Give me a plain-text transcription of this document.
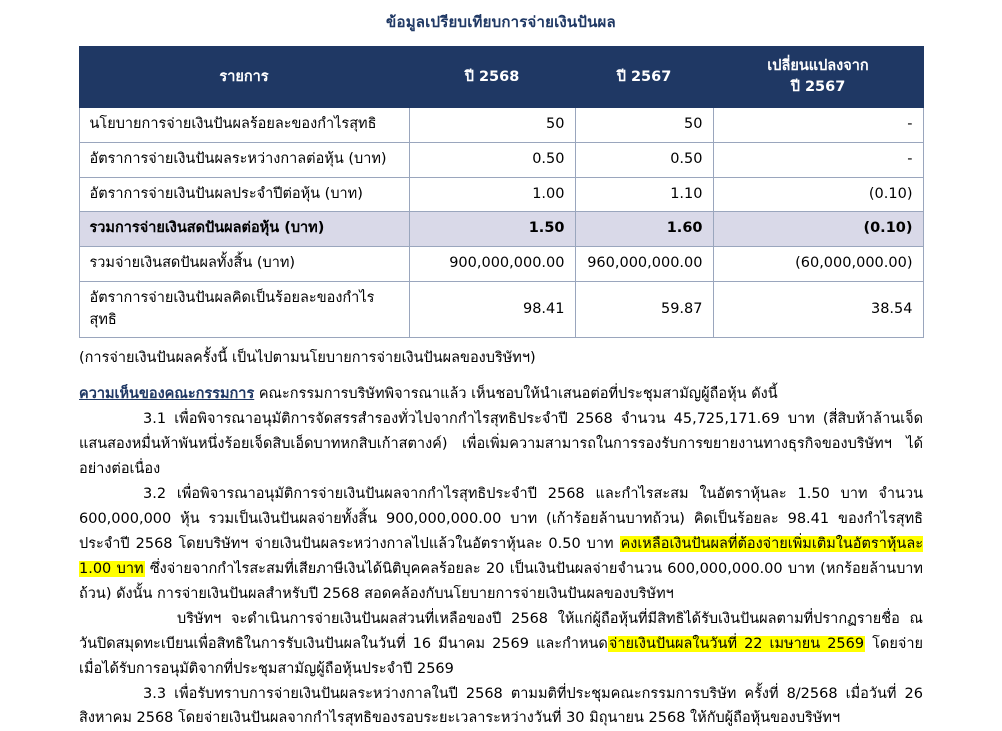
ข้อมูลเปรียบเทียบการจ่ายเงินปันผล
รายการ	ปี 2568	ปี 2567	เปลี่ยนแปลงจาก
ปี 2567
นโยบายการจ่ายเงินปันผลร้อยละของกำไรสุทธิ	50	50	-
อัตราการจ่ายเงินปันผลระหว่างกาลต่อหุ้น (บาท)	0.50	0.50	-
อัตราการจ่ายเงินปันผลประจำปีต่อหุ้น (บาท)	1.00	1.10	(0.10)
รวมการจ่ายเงินสดปันผลต่อหุ้น (บาท)	1.50	1.60	(0.10)
รวมจ่ายเงินสดปันผลทั้งสิ้น (บาท)	900,000,000.00	960,000,000.00	(60,000,000.00)
อัตราการจ่ายเงินปันผลคิดเป็นร้อยละของกำไรสุทธิ	98.41	59.87	38.54
(การจ่ายเงินปันผลครั้งนี้ เป็นไปตามนโยบายการจ่ายเงินปันผลของบริษัทฯ)

ความเห็นของคณะกรรมการ คณะกรรมการบริษัทพิจารณาแล้ว เห็นชอบให้นำเสนอต่อที่ประชุมสามัญผู้ถือหุ้น ดังนี้

3.1 เพื่อพิจารณาอนุมัติการจัดสรรสำรองทั่วไปจากกำไรสุทธิประจำปี 2568 จำนวน 45,725,171.69 บาท (สี่สิบห้าล้านเจ็ดแสนสองหมื่นห้าพันหนึ่งร้อยเจ็ดสิบเอ็ดบาทหกสิบเก้าสตางค์) เพื่อเพิ่มความสามารถในการรองรับการขยายงานทางธุรกิจของบริษัทฯ ได้อย่างต่อเนื่อง

3.2 เพื่อพิจารณาอนุมัติการจ่ายเงินปันผลจากกำไรสุทธิประจำปี 2568 และกำไรสะสม ในอัตราหุ้นละ 1.50 บาท จำนวน 600,000,000 หุ้น รวมเป็นเงินปันผลจ่ายทั้งสิ้น 900,000,000.00 บาท (เก้าร้อยล้านบาทถ้วน) คิดเป็นร้อยละ 98.41 ของกำไรสุทธิประจำปี 2568 โดยบริษัทฯ จ่ายเงินปันผลระหว่างกาลไปแล้วในอัตราหุ้นละ 0.50 บาท คงเหลือเงินปันผลที่ต้องจ่ายเพิ่มเติมในอัตราหุ้นละ 1.00 บาท ซึ่งจ่ายจากกำไรสะสมที่เสียภาษีเงินได้นิติบุคคลร้อยละ 20 เป็นเงินปันผลจ่ายจำนวน 600,000,000.00 บาท (หกร้อยล้านบาทถ้วน) ดังนั้น การจ่ายเงินปันผลสำหรับปี 2568 สอดคล้องกับนโยบายการจ่ายเงินปันผลของบริษัทฯ

บริษัทฯ จะดำเนินการจ่ายเงินปันผลส่วนที่เหลือของปี 2568 ให้แก่ผู้ถือหุ้นที่มีสิทธิได้รับเงินปันผลตามที่ปรากฏรายชื่อ ณ วันปิดสมุดทะเบียนเพื่อสิทธิในการรับเงินปันผลในวันที่ 16 มีนาคม 2569 และกำหนดจ่ายเงินปันผลในวันที่ 22 เมษายน 2569 โดยจ่ายเมื่อได้รับการอนุมัติจากที่ประชุมสามัญผู้ถือหุ้นประจำปี 2569

3.3 เพื่อรับทราบการจ่ายเงินปันผลระหว่างกาลในปี 2568 ตามมติที่ประชุมคณะกรรมการบริษัท ครั้งที่ 8/2568 เมื่อวันที่ 26 สิงหาคม 2568 โดยจ่ายเงินปันผลจากกำไรสุทธิของรอบระยะเวลาระหว่างวันที่ 30 มิถุนายน 2568 ให้กับผู้ถือหุ้นของบริษัทฯ
